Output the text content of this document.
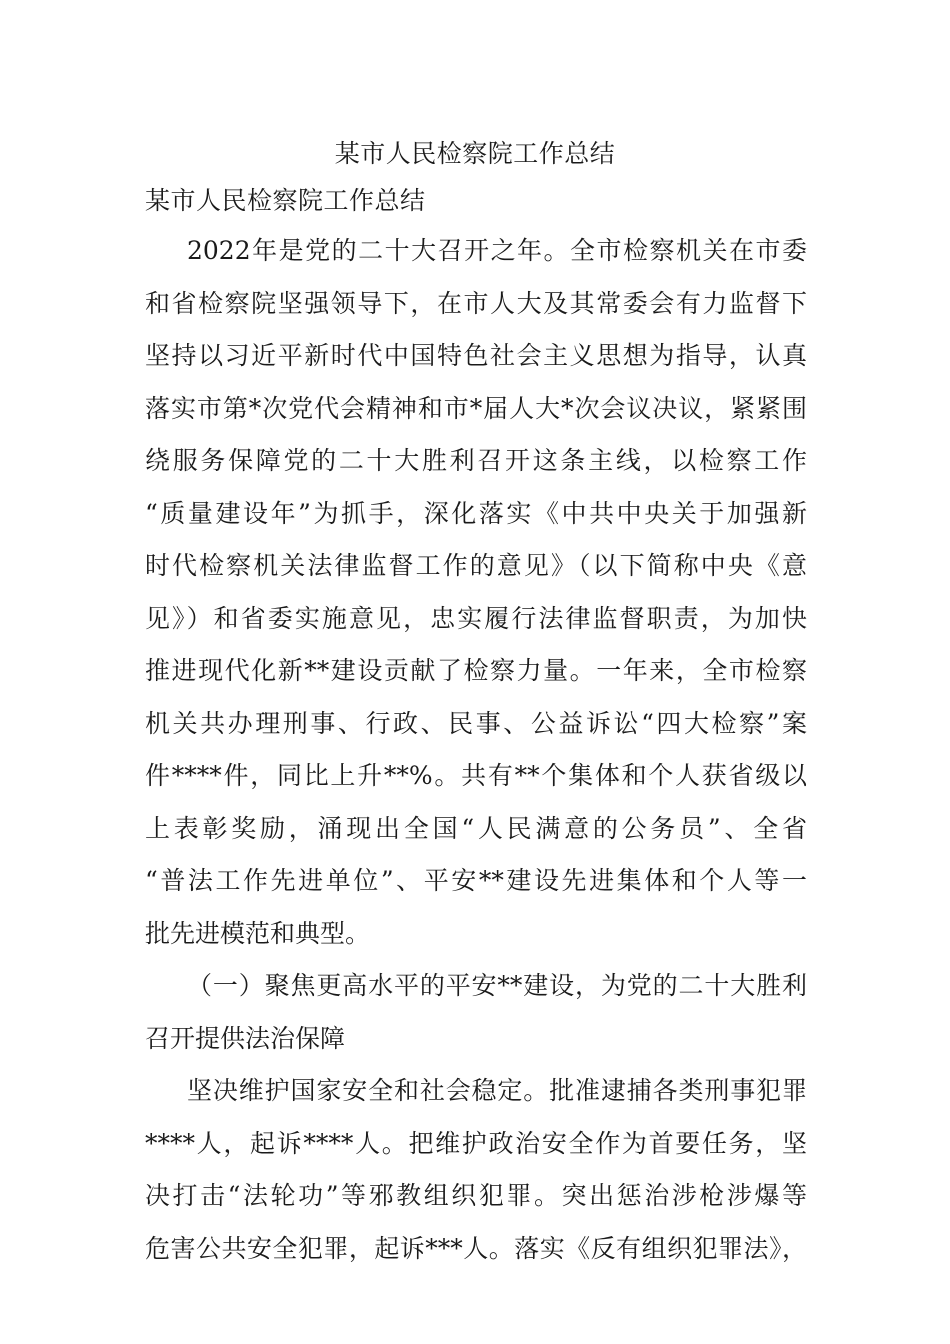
某市人民检察院工作总结
某市人民检察院工作总结
2022年是党的二十大召开之年。全市检察机关在市委
和省检察院坚强领导下，在市人大及其常委会有力监督下
坚持以习近平新时代中国特色社会主义思想为指导，认真
落实市第*次党代会精神和市*届人大*次会议决议，紧紧围
绕服务保障党的二十大胜利召开这条主线，以检察工作
“质量建设年”为抓手，深化落实《中共中央关于加强新
时代检察机关法律监督工作的意见》（以下简称中央《意
见》）和省委实施意见，忠实履行法律监督职责，为加快
推进现代化新**建设贡献了检察力量。一年来，全市检察
机关共办理刑事、行政、民事、公益诉讼“四大检察”案
件****件，同比上升**%。共有**个集体和个人获省级以
上表彰奖励，涌现出全国“人民满意的公务员”、全省
“普法工作先进单位”、平安**建设先进集体和个人等一
批先进模范和典型。
（一）聚焦更高水平的平安**建设，为党的二十大胜利
召开提供法治保障
坚决维护国家安全和社会稳定。批准逮捕各类刑事犯罪
****人，起诉****人。把维护政治安全作为首要任务，坚
决打击“法轮功”等邪教组织犯罪。突出惩治涉枪涉爆等
危害公共安全犯罪，起诉***人。落实《反有组织犯罪法》，
